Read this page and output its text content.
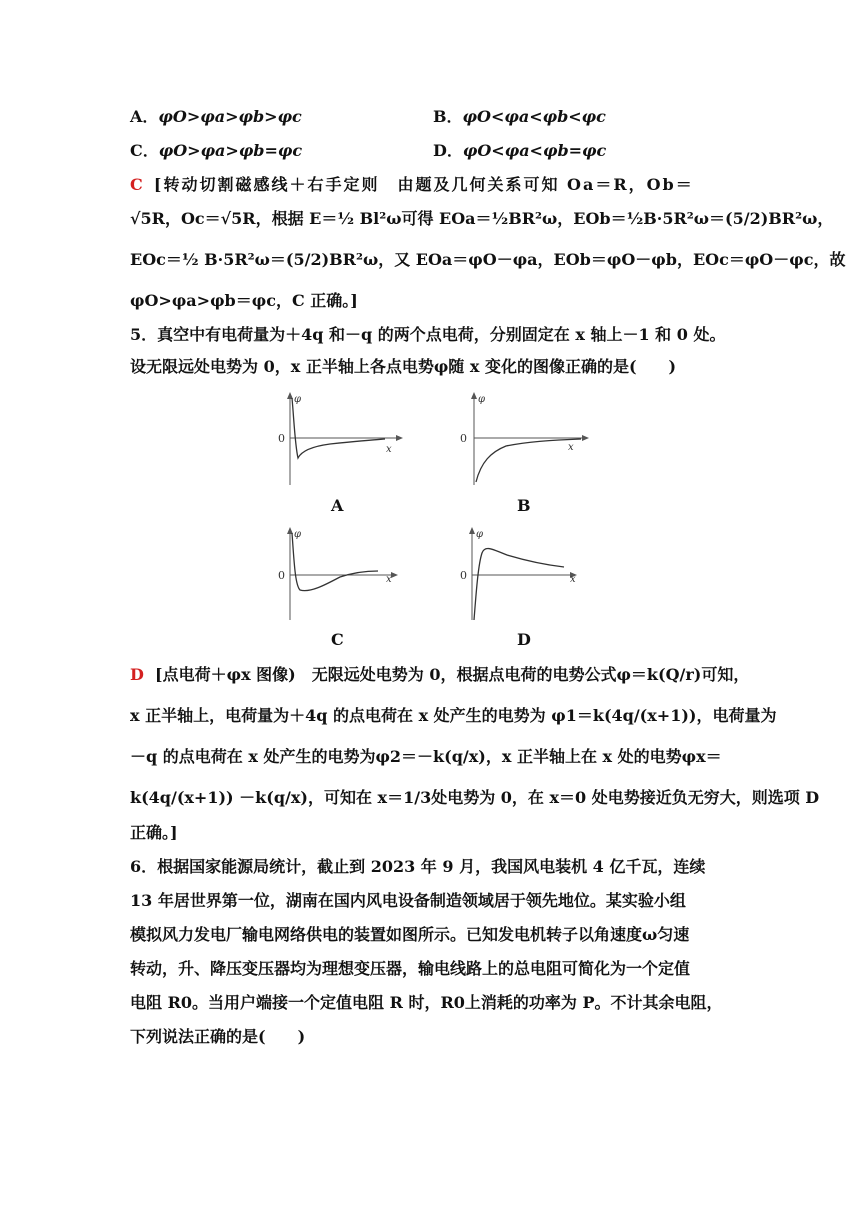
A．φO>φa>φb>φc	B．φO<φa<φb<φc
C．φO>φa>φb=φc	D．φO<φa<φb=φc
C [转动切割磁感线＋右手定则　由题及几何关系可知 Oa＝R，Ob＝
√5R，Oc＝√5R，根据 E＝½ Bl²ω可得 EOa＝½BR²ω，EOb＝½B·5R²ω＝(5/2)BR²ω，
EOc＝½ B·5R²ω＝(5/2)BR²ω，又 EOa＝φO－φa，EOb＝φO－φb，EOc＝φO－φc，故
φO>φa>φb＝φc，C 正确。]
5．真空中有电荷量为＋4q 和－q 的两个点电荷，分别固定在 x 轴上－1 和 0 处。
设无限远处电势为 0，x 正半轴上各点电势φ随 x 变化的图像正确的是(　　)
φ
0
x
A
φ
0
x
B
φ
0	x
C
φ
0	x
D
D [点电荷＋φx 图像)　无限远处电势为 0，根据点电荷的电势公式φ＝k(Q/r)可知，
x 正半轴上，电荷量为＋4q 的点电荷在 x 处产生的电势为 φ1＝k(4q/(x+1))，电荷量为
－q 的点电荷在 x 处产生的电势为φ2＝－k(q/x)，x 正半轴上在 x 处的电势φx＝
k(4q/(x+1)) －k(q/x)，可知在 x＝1/3处电势为 0，在 x＝0 处电势接近负无穷大，则选项 D
正确。]
6．根据国家能源局统计，截止到 2023 年 9 月，我国风电装机 4 亿千瓦，连续
13 年居世界第一位，湖南在国内风电设备制造领域居于领先地位。某实验小组
模拟风力发电厂输电网络供电的装置如图所示。已知发电机转子以角速度ω匀速
转动，升、降压变压器均为理想变压器，输电线路上的总电阻可简化为一个定值
电阻 R0。当用户端接一个定值电阻 R 时，R0上消耗的功率为 P。不计其余电阻，
下列说法正确的是(　　)
